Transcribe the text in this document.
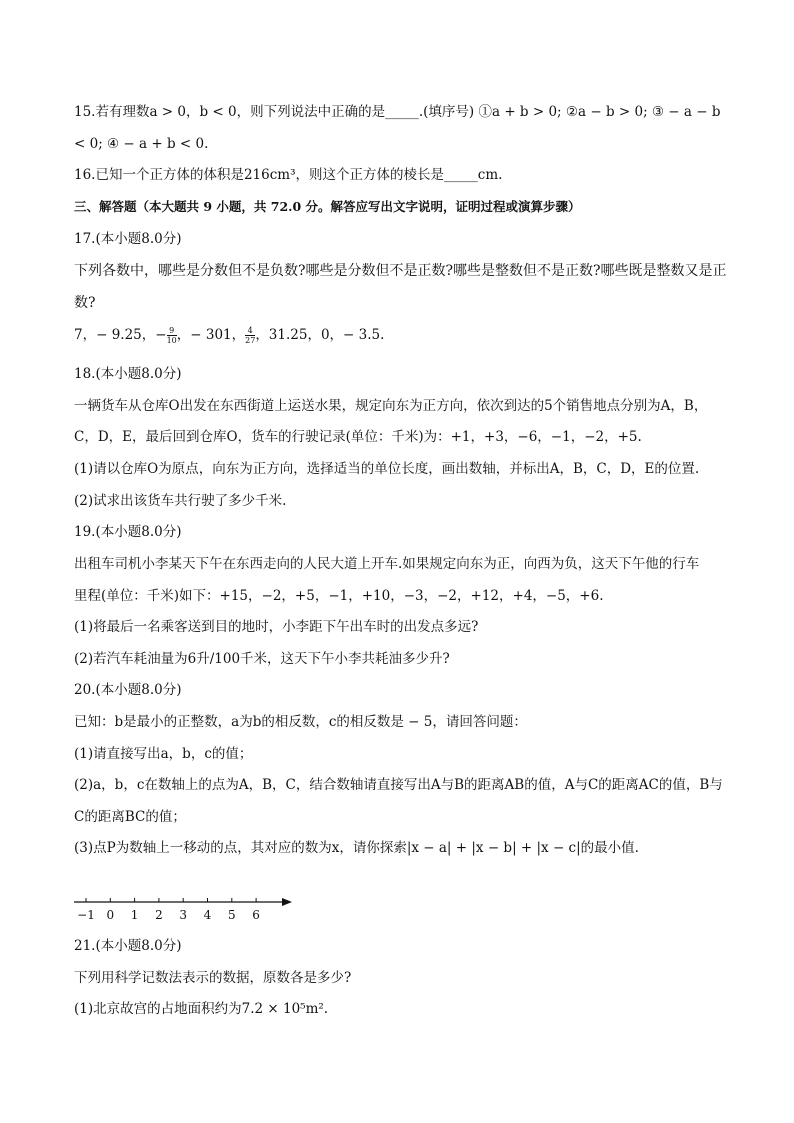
15.若有理数a > 0，b < 0，则下列说法中正确的是_____.(填序号) ①a + b > 0; ②a − b > 0; ③ − a − b

< 0; ④ − a + b < 0.

16.已知一个正方体的体积是216cm³，则这个正方体的棱长是_____cm.

三、解答题（本大题共 9 小题，共 72.0 分。解答应写出文字说明，证明过程或演算步骤）

17.(本小题8.0分)

下列各数中，哪些是分数但不是负数?哪些是分数但不是正数?哪些是整数但不是正数?哪些既是整数又是正

数?

7，− 9.25，− $\frac{9}{10}$ ，− 301， $\frac{4}{27}$ ，31.25，0，− 3.5.

18.(本小题8.0分)

一辆货车从仓库O出发在东西街道上运送水果，规定向东为正方向，依次到达的5个销售地点分别为A，B，

C，D，E，最后回到仓库O，货车的行驶记录(单位：千米)为：+1，+3，−6，−1，−2，+5.

(1)请以仓库O为原点，向东为正方向，选择适当的单位长度，画出数轴，并标出A，B，C，D，E的位置.

(2)试求出该货车共行驶了多少千米.

19.(本小题8.0分)

出租车司机小李某天下午在东西走向的人民大道上开车.如果规定向东为正，向西为负，这天下午他的行车

里程(单位：千米)如下：+15，−2，+5，−1，+10，−3，−2，+12，+4，−5，+6.

(1)将最后一名乘客送到目的地时，小李距下午出车时的出发点多远?

(2)若汽车耗油量为6升/100千米，这天下午小李共耗油多少升?

20.(本小题8.0分)

已知：b是最小的正整数，a为b的相反数，c的相反数是 − 5，请回答问题：

(1)请直接写出a，b，c的值；

(2)a，b，c在数轴上的点为A，B，C，结合数轴请直接写出A与B的距离AB的值，A与C的距离AC的值，B与

C的距离BC的值；

(3)点P为数轴上一移动的点，其对应的数为x，请你探索|x − a| + |x − b| + |x − c|的最小值.

−1 0 1 2 3 4 5 6

21.(本小题8.0分)

下列用科学记数法表示的数据，原数各是多少?

(1)北京故宫的占地面积约为7.2 × 10⁵m².
